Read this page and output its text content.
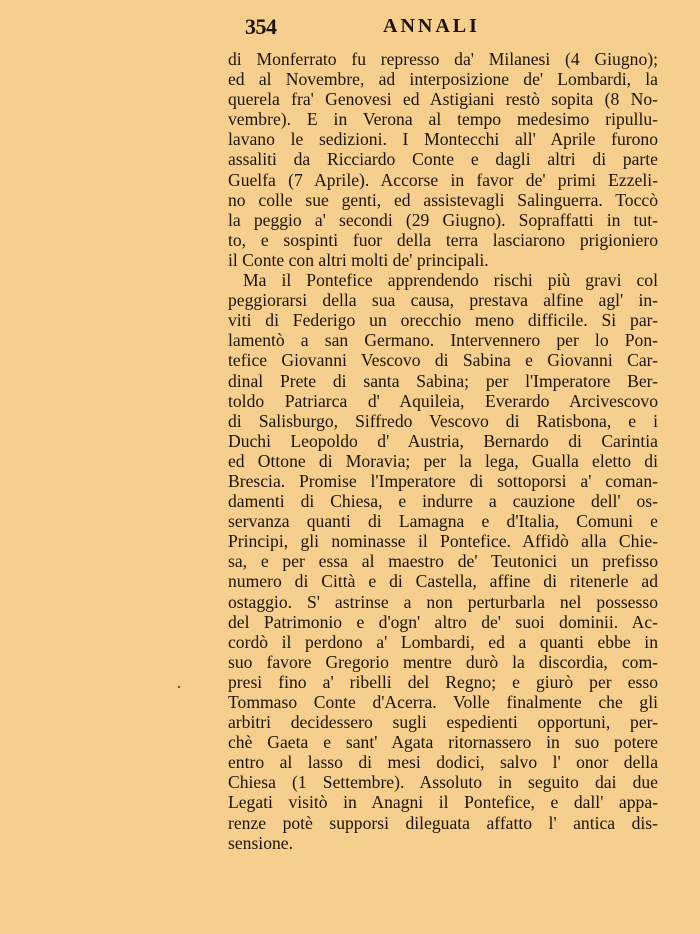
354	ANNALI
di Monferrato fu represso da' Milanesi (4 Giugno);
ed al Novembre, ad interposizione de' Lombardi, la
querela fra' Genovesi ed Astigiani restò sopita (8 No-
vembre). E in Verona al tempo medesimo ripullu-
lavano le sedizioni. I Montecchi all' Aprile furono
assaliti da Ricciardo Conte e dagli altri di parte
Guelfa (7 Aprile). Accorse in favor de' primi Ezzeli-
no colle sue genti, ed assistevagli Salinguerra. Toccò
la peggio a' secondi (29 Giugno). Sopraffatti in tut-
to, e sospinti fuor della terra lasciarono prigioniero
il Conte con altri molti de' principali.
Ma il Pontefice apprendendo rischi più gravi col
peggiorarsi della sua causa, prestava alfine agl' in-
viti di Federigo un orecchio meno difficile. Si par-
lamentò a san Germano. Intervennero per lo Pon-
tefice Giovanni Vescovo di Sabina e Giovanni Car-
dinal Prete di santa Sabina; per l'Imperatore Ber-
toldo Patriarca d' Aquileia, Everardo Arcivescovo
di Salisburgo, Siffredo Vescovo di Ratisbona, e i
Duchi Leopoldo d' Austria, Bernardo di Carintia
ed Ottone di Moravia; per la lega, Gualla eletto di
Brescia. Promise l'Imperatore di sottoporsi a' coman-
damenti di Chiesa, e indurre a cauzione dell' os-
servanza quanti di Lamagna e d'Italia, Comuni e
Principi, gli nominasse il Pontefice. Affidò alla Chie-
sa, e per essa al maestro de' Teutonici un prefisso
numero di Città e di Castella, affine di ritenerle ad
ostaggio. S' astrinse a non perturbarla nel possesso
del Patrimonio e d'ogn' altro de' suoi dominii. Ac-
cordò il perdono a' Lombardi, ed a quanti ebbe in
suo favore Gregorio mentre durò la discordia, com-
presi fino a' ribelli del Regno; e giurò per esso
Tommaso Conte d'Acerra. Volle finalmente che gli
arbitri decidessero sugli espedienti opportuni, per-
chè Gaeta e sant' Agata ritornassero in suo potere
entro al lasso di mesi dodici, salvo l' onor della
Chiesa (1 Settembre). Assoluto in seguito dai due
Legati visitò in Anagni il Pontefice, e dall' appa-
renze potè supporsi dileguata affatto l' antica dis-
sensione.
